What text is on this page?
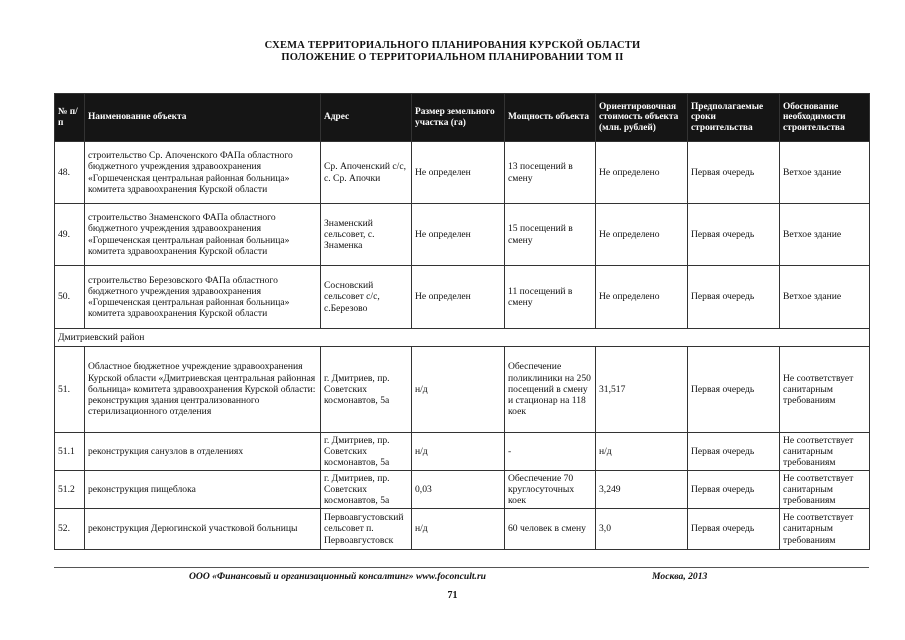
СХЕМА ТЕРРИТОРИАЛЬНОГО ПЛАНИРОВАНИЯ КУРСКОЙ ОБЛАСТИ
ПОЛОЖЕНИЕ О ТЕРРИТОРИАЛЬНОМ ПЛАНИРОВАНИИ ТОМ II
№ п/п	Наименование объекта	Адрес	Размер земельного участка (га)	Мощность объекта	Ориентировочная стоимость объекта (млн. рублей)	Предполагаемые сроки строительства	Обоснование необходимости строительства
48.	строительство Ср. Апоченского ФАПа областного бюджетного учреждения здравоохранения «Горшеченская центральная районная больница» комитета здравоохранения Курской области	Ср. Апоченский с/с, с. Ср. Апочки	Не определен	13 посещений в смену	Не определено	Первая очередь	Ветхое здание
49.	строительство Знаменского ФАПа областного бюджетного учреждения здравоохранения «Горшеченская центральная районная больница» комитета здравоохранения Курской области	Знаменский сельсовет, с. Знаменка	Не определен	15 посещений в смену	Не определено	Первая очередь	Ветхое здание
50.	строительство Березовского ФАПа областного бюджетного учреждения здравоохранения «Горшеченская центральная районная больница» комитета здравоохранения Курской области	Сосновский сельсовет с/с, с.Березово	Не определен	11 посещений в смену	Не определено	Первая очередь	Ветхое здание
Дмитриевский район							
51.	Областное бюджетное учреждение здравоохранения Курской области «Дмитриевская центральная районная больница» комитета здравоохранения Курской области: реконструкция здания централизованного стерилизационного отделения	г. Дмитриев, пр. Советских космонавтов, 5а	н/д	Обеспечение поликлиники на 250 посещений в смену и стационар на 118 коек	31,517	Первая очередь	Не соответствует санитарным требованиям
51.1	реконструкция санузлов в отделениях	г. Дмитриев, пр. Советских космонавтов, 5а	н/д	-	н/д	Первая очередь	Не соответствует санитарным требованиям
51.2	реконструкция пищеблока	г. Дмитриев, пр. Советских космонавтов, 5а	0,03	Обеспечение 70 круглосуточных коек	3,249	Первая очередь	Не соответствует санитарным требованиям
52.	реконструкция Дерюгинской участковой больницы	Первоавгустовский сельсовет п. Первоавгустовск	н/д	60 человек в смену	3,0	Первая очередь	Не соответствует санитарным требованиям
ООО «Финансовый и организационный консалтинг» www.foconcult.ru	Москва, 2013
71
